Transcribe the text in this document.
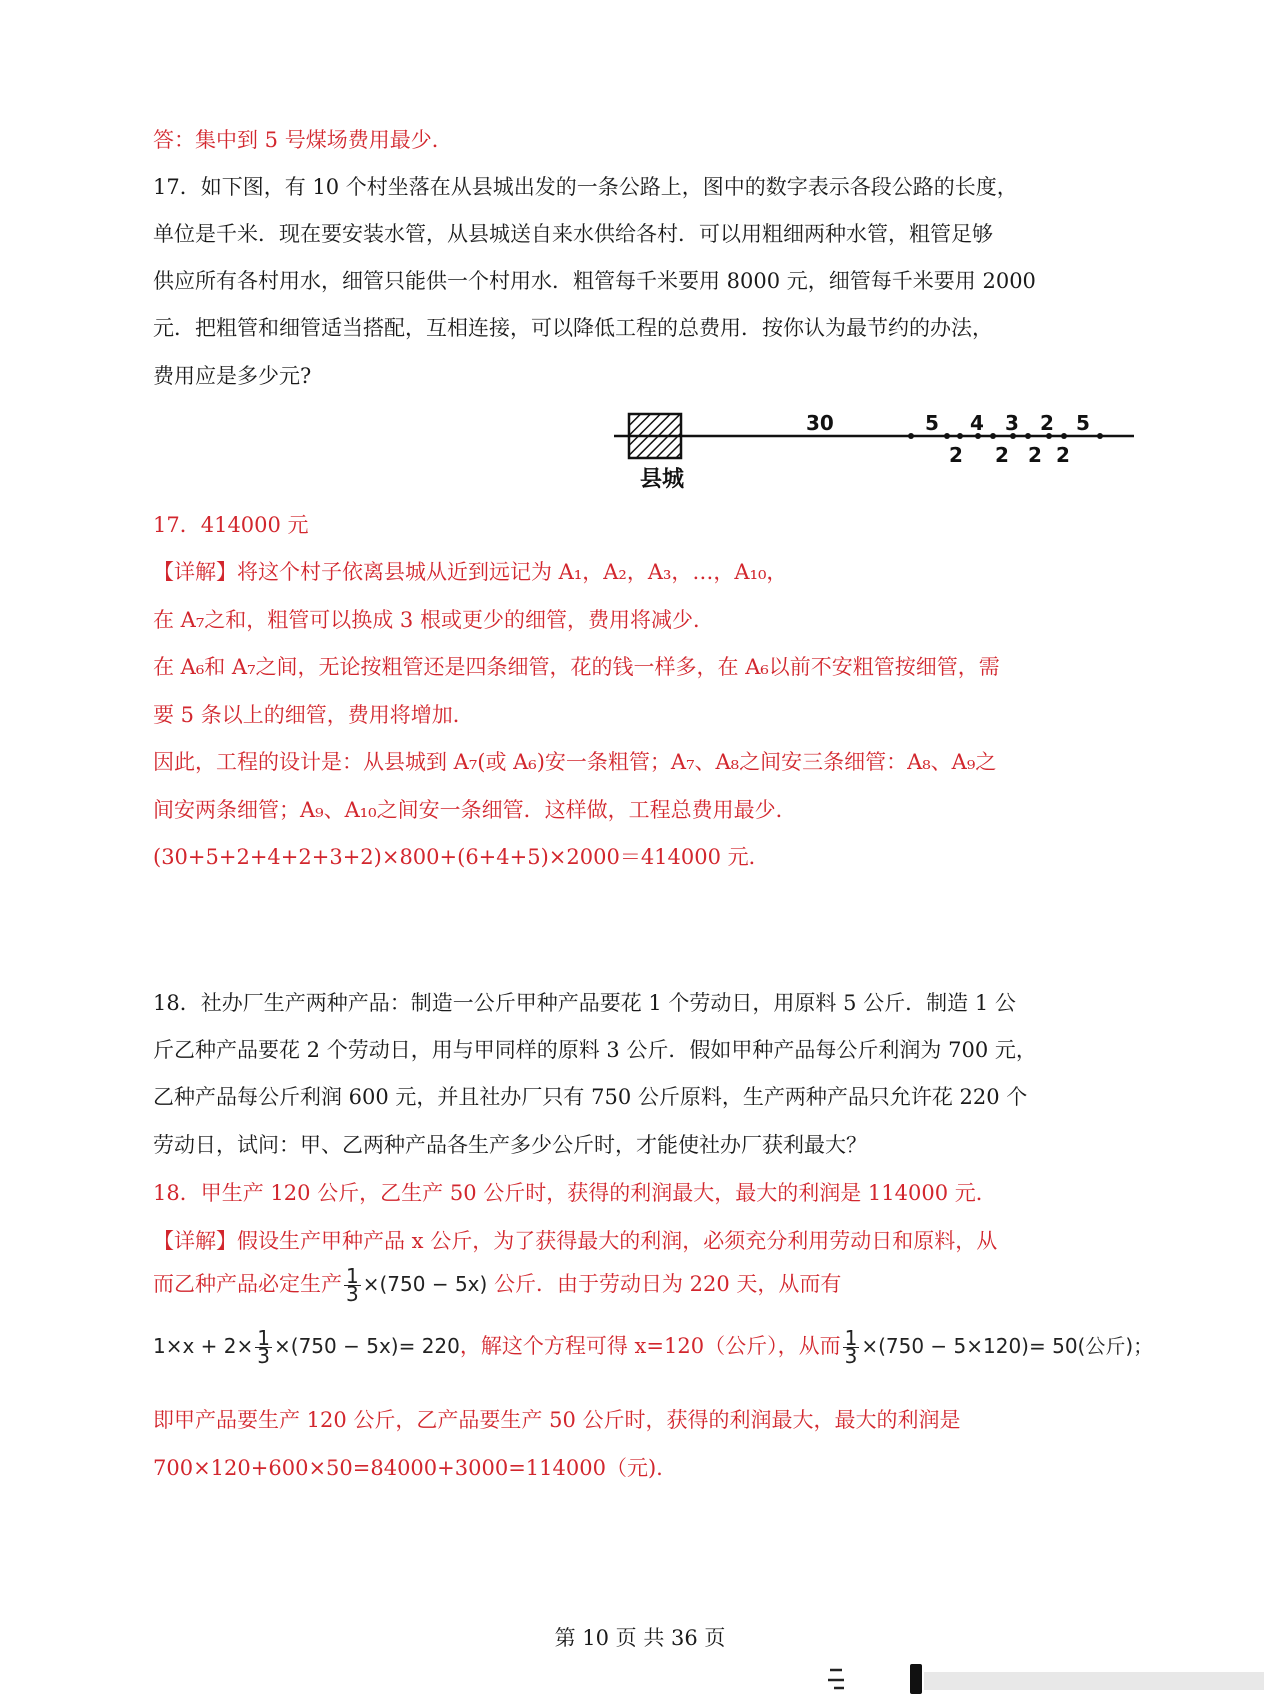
答：集中到 5 号煤场费用最少．
17．如下图，有 10 个村坐落在从县城出发的一条公路上，图中的数字表示各段公路的长度，
单位是千米．现在要安装水管，从县城送自来水供给各村．可以用粗细两种水管，粗管足够
供应所有各村用水，细管只能供一个村用水．粗管每千米要用 8000 元，细管每千米要用 2000
元．把粗管和细管适当搭配，互相连接，可以降低工程的总费用．按你认为最节约的办法，
费用应是多少元?
县城
30	5 4 3 2 5
2 2 2 2
17．414000 元
【详解】将这个村子依离县城从近到远记为 A₁，A₂，A₃，…，A₁₀，
在 A₇之和，粗管可以换成 3 根或更少的细管，费用将减少．
在 A₆和 A₇之间，无论按粗管还是四条细管，花的钱一样多，在 A₆以前不安粗管按细管，需
要 5 条以上的细管，费用将增加．
因此，工程的设计是：从县城到 A₇(或 A₆)安一条粗管；A₇、A₈之间安三条细管：A₈、A₉之
间安两条细管；A₉、A₁₀之间安一条细管．这样做，工程总费用最少．
(30+5+2+4+2+3+2)×800+(6+4+5)×2000＝414000 元．
18．社办厂生产两种产品：制造一公斤甲种产品要花 1 个劳动日，用原料 5 公斤．制造 1 公
斤乙种产品要花 2 个劳动日，用与甲同样的原料 3 公斤．假如甲种产品每公斤利润为 700 元，
乙种产品每公斤利润 600 元，并且社办厂只有 750 公斤原料，生产两种产品只允许花 220 个
劳动日，试问：甲、乙两种产品各生产多少公斤时，才能使社办厂获利最大？
18．甲生产 120 公斤，乙生产 50 公斤时，获得的利润最大，最大的利润是 114000 元．
【详解】假设生产甲种产品 x 公斤，为了获得最大的利润，必须充分利用劳动日和原料，从
而乙种产品必定生产 $\frac{1}{3} \times(750 - 5x)$ 公斤．由于劳动日为 220 天，从而有
$1\times x + 2\times \frac{1}{3} \times(750 - 5x)= 220$，解这个方程可得 x=120（公斤），从而 $\frac{1}{3} \times(750 - 5\times 120)= 50$(公斤)；
即甲产品要生产 120 公斤，乙产品要生产 50 公斤时，获得的利润最大，最大的利润是
700×120+600×50=84000+3000=114000（元).
第 10 页 共 36 页
